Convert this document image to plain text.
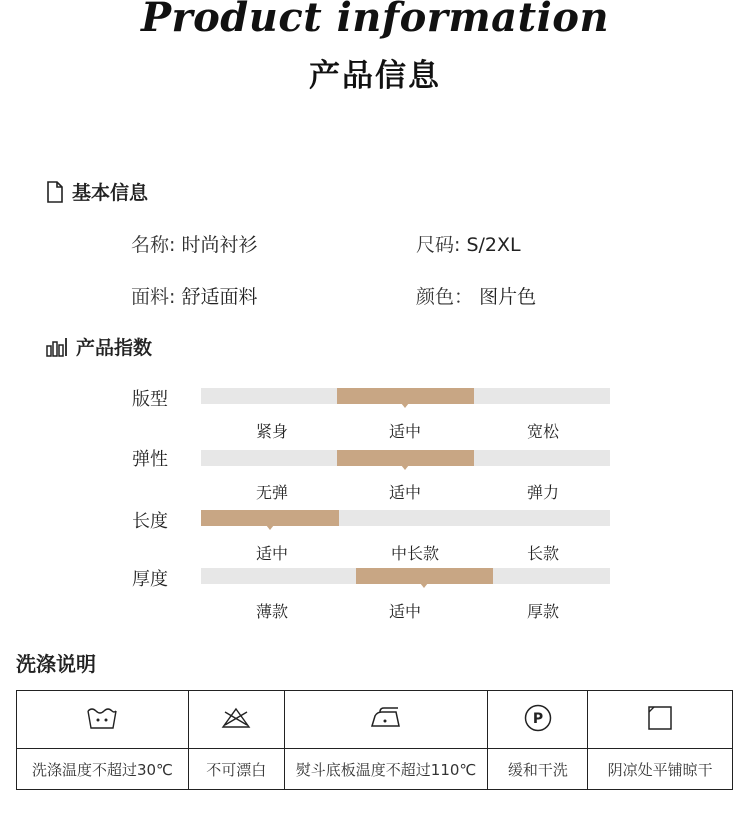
Product information
产品信息
基本信息
名称: 时尚衬衫	尺码: S/2XL
面料: 舒适面料	颜色： 图片色
产品指数
版型
紧身	适中	宽松
弹性
无弹	适中	弹力
长度
适中	中长款	长款
厚度
薄款	适中	厚款
洗涤说明

P

洗涤温度不超过30℃	不可漂白	熨斗底板温度不超过110℃	缓和干洗	阴凉处平铺晾干
